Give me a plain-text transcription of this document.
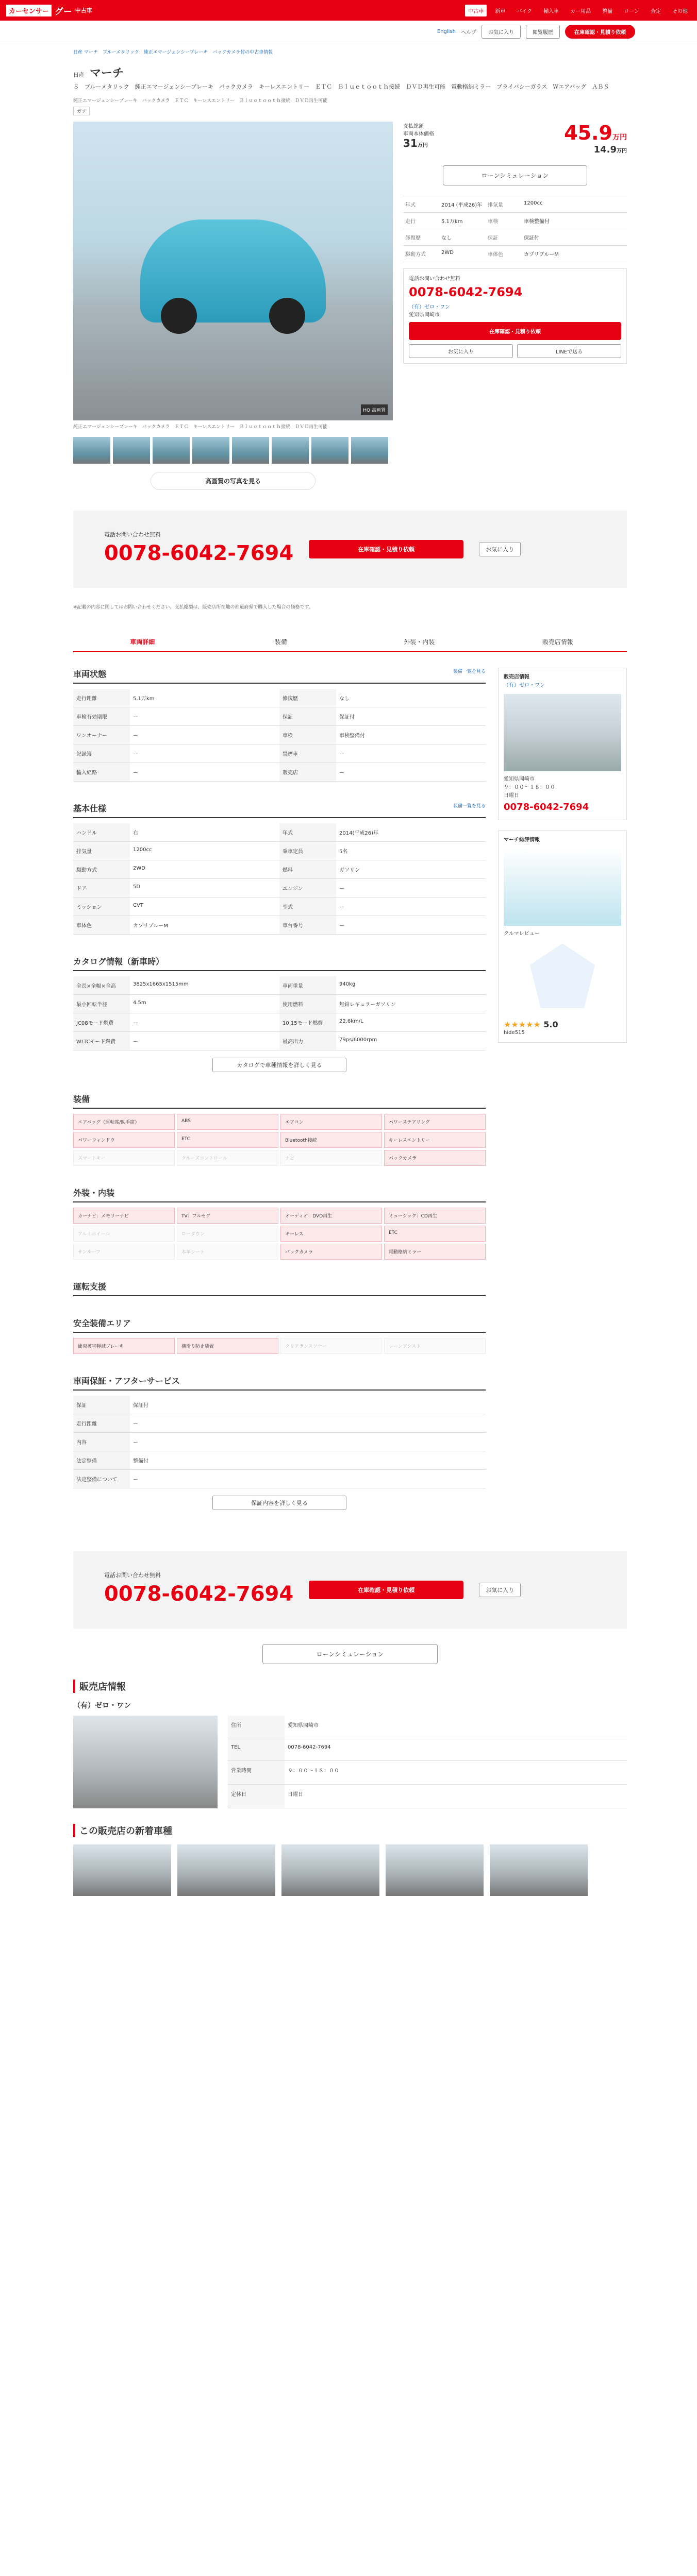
カーセンサー グー 中古車	中古車	新車	バイク	輸入車	カー用品	整備	ローン	査定	その他
English ヘルプ	お気に入り	閲覧履歴	在庫確認・見積り依頼
日産 マーチ　ブルーメタリック　純正エマージェンシーブレーキ　バックカメラ付の中古車情報
日産 マーチ
Ｓ　ブルーメタリック　純正エマージェンシーブレーキ　バックカメラ　キーレスエントリー　ＥＴＣ　Ｂｌｕｅｔｏｏｔｈ接続　ＤＶＤ再生可能　電動格納ミラー　プライバシーガラス　Ｗエアバッグ　ＡＢＳ
純正エマージェンシーブレーキ　バックカメラ　ＥＴＣ　キーレスエントリー　Ｂｌｕｅｔｏｏｔｈ接続　ＤＶＤ再生可能
ガソ
HQ 高画質
純正エマージェンシーブレーキ　バックカメラ　ＥＴＣ　キーレスエントリー　Ｂｌｕｅｔｏｏｔｈ接続　ＤＶＤ再生可能
高画質の写真を見る
支払総額
車両本体価格
31万円
45.9万円
14.9万円
ローンシミュレーション
年式	2014 (平成26)年	排気量	1200cc
走行	5.1万km	車検	車検整備付
修復歴	なし	保証	保証付
駆動方式	2WD	車体色	カプリブルーM
電話お問い合わせ無料
0078-6042-7694
（有）ゼロ・ワン
愛知県岡崎市
在庫確認・見積り依頼
お気に入り	LINEで送る
電話お問い合わせ無料
0078-6042-7694	在庫確認・見積り依頼	お気に入り
※記載の内容に関してはお問い合わせください。支払総額は、販売店所在地の都道府県で購入した場合の価格です。
車両詳細	装備	外装・内装	販売店情報
車両状態	装備一覧を見る
走行距離	5.1万km	修復歴	なし
車検有効期限	ー	保証	保証付
ワンオーナー	ー	車検	車検整備付
記録簿	ー	禁煙車	ー
輸入経路	ー	販売店	ー
基本仕様	装備一覧を見る
ハンドル	右	年式	2014(平成26)年
排気量	1200cc	乗車定員	5名
駆動方式	2WD	燃料	ガソリン
ドア	5D	エンジン	ー
ミッション	CVT	型式	ー
車体色	カプリブルーM	車台番号	ー
カタログ情報（新車時）
全長×全幅×全高	3825x1665x1515mm	車両重量	940kg
最小回転半径	4.5m	使用燃料	無鉛レギュラーガソリン
JC08モード燃費	ー	10·15モード燃費	22.6km/L
WLTCモード燃費	ー	最高出力	79ps/6000rpm
カタログで車種情報を詳しく見る
装備
エアバッグ（運転席/助手席）	ABS	エアコン	パワーステアリング
パワーウィンドウ	ETC	Bluetooth接続	キーレスエントリー
スマートキー	クルーズコントロール	ナビ	バックカメラ
外装・内装
カーナビ：メモリーナビ	TV：フルセグ	オーディオ：DVD再生	ミュージック：CD再生
アルミホイール	ローダウン	キーレス	ETC
サンルーフ	本革シート	バックカメラ	電動格納ミラー
運転支援
安全装備エリア
衝突被害軽減ブレーキ	横滑り防止装置	クリアランスソナー	レーンアシスト
車両保証・アフターサービス
保証	保証付
走行距離	ー
内容	ー
法定整備	整備付
法定整備について	ー
保証内容を詳しく見る
販売店情報
（有）ゼロ・ワン
愛知県岡崎市
９：００〜１８：００
日曜日
0078-6042-7694
マーチ総評情報
クルマレビュー
★★★★★ 5.0
hide515
電話お問い合わせ無料
0078-6042-7694	在庫確認・見積り依頼	お気に入り
ローンシミュレーション
販売店情報
（有）ゼロ・ワン
住所	愛知県岡崎市
TEL	0078-6042-7694
営業時間	９：００〜１８：００
定休日	日曜日
この販売店の新着車種
